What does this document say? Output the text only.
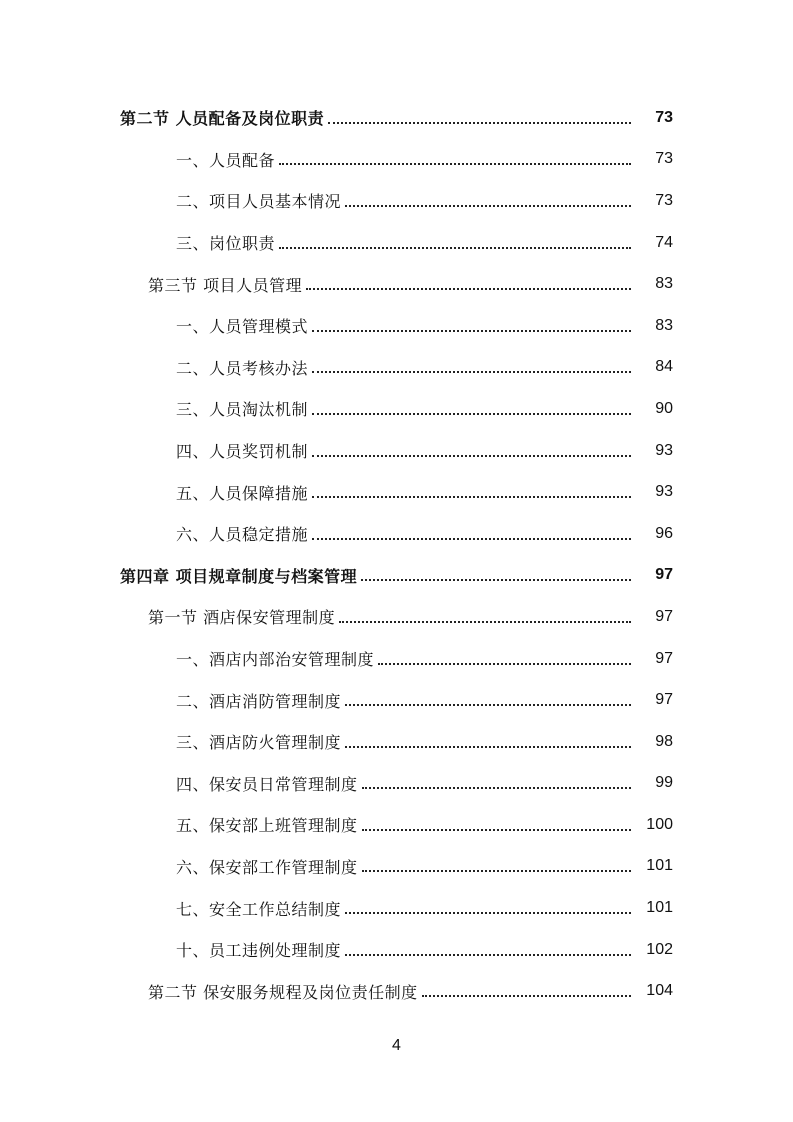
第二节 人员配备及岗位职责	73
一、人员配备	73
二、项目人员基本情况	73
三、岗位职责	74
第三节 项目人员管理	83
一、人员管理模式	83
二、人员考核办法	84
三、人员淘汰机制	90
四、人员奖罚机制	93
五、人员保障措施	93
六、人员稳定措施	96
第四章 项目规章制度与档案管理	97
第一节 酒店保安管理制度	97
一、酒店内部治安管理制度	97
二、酒店消防管理制度	97
三、酒店防火管理制度	98
四、保安员日常管理制度	99
五、保安部上班管理制度	100
六、保安部工作管理制度	101
七、安全工作总结制度	101
十、员工违例处理制度	102
第二节 保安服务规程及岗位责任制度	104
4
